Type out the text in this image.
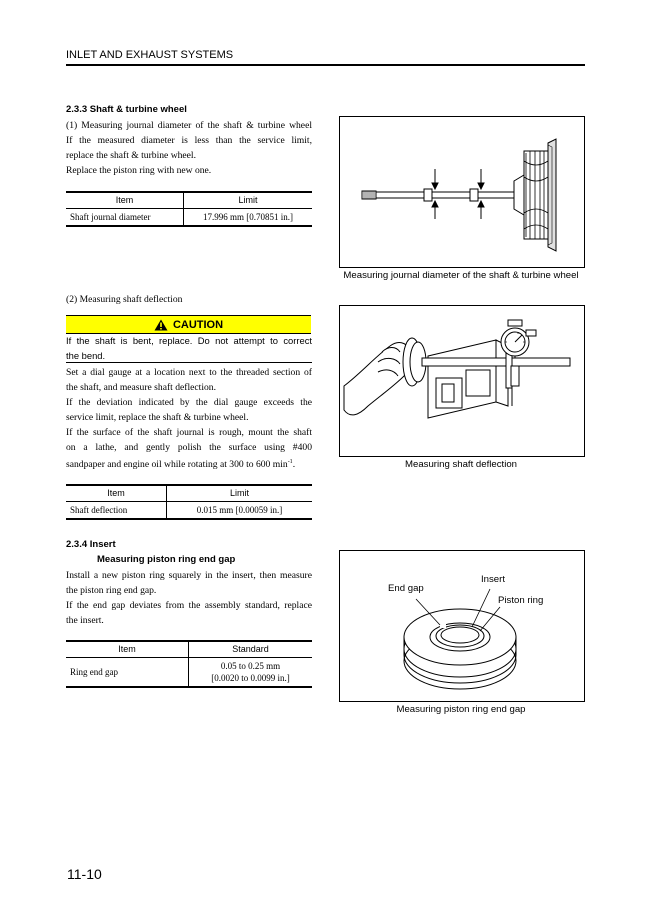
INLET AND EXHAUST SYSTEMS
2.3.3 Shaft & turbine wheel

(1) Measuring journal diameter of the shaft & turbine wheel

If the measured diameter is less than the service limit,

replace the shaft & turbine wheel.

Replace the piston ring with new one.

Item	Limit
Shaft journal diameter	17.996 mm [0.70851 in.]
Measuring journal diameter of the shaft & turbine wheel
(2) Measuring shaft deflection
CAUTION

If the shaft is bent, replace. Do not attempt to correct

the bend.

Set a dial gauge at a location next to the threaded section of

the shaft, and measure shaft deflection.

If the deviation indicated by the dial gauge exceeds the

service limit, replace the shaft & turbine wheel.

If the surface of the shaft journal is rough, mount the shaft

on a lathe, and gently polish the surface using #400

sandpaper and engine oil while rotating at 300 to 600 $\min^{-1}$.

Item	Limit
Shaft deflection	0.015 mm [0.00059 in.]
Measuring shaft deflection
2.3.4 Insert
Measuring piston ring end gap

Install a new piston ring squarely in the insert, then measure

the piston ring end gap.

If the end gap deviates from the assembly standard, replace

the insert.

Item	Standard
Ring end gap	0.05 to 0.25 mm
[0.0020 to 0.0099 in.]
End gap
Insert
Piston ring
Measuring piston ring end gap
11-10
